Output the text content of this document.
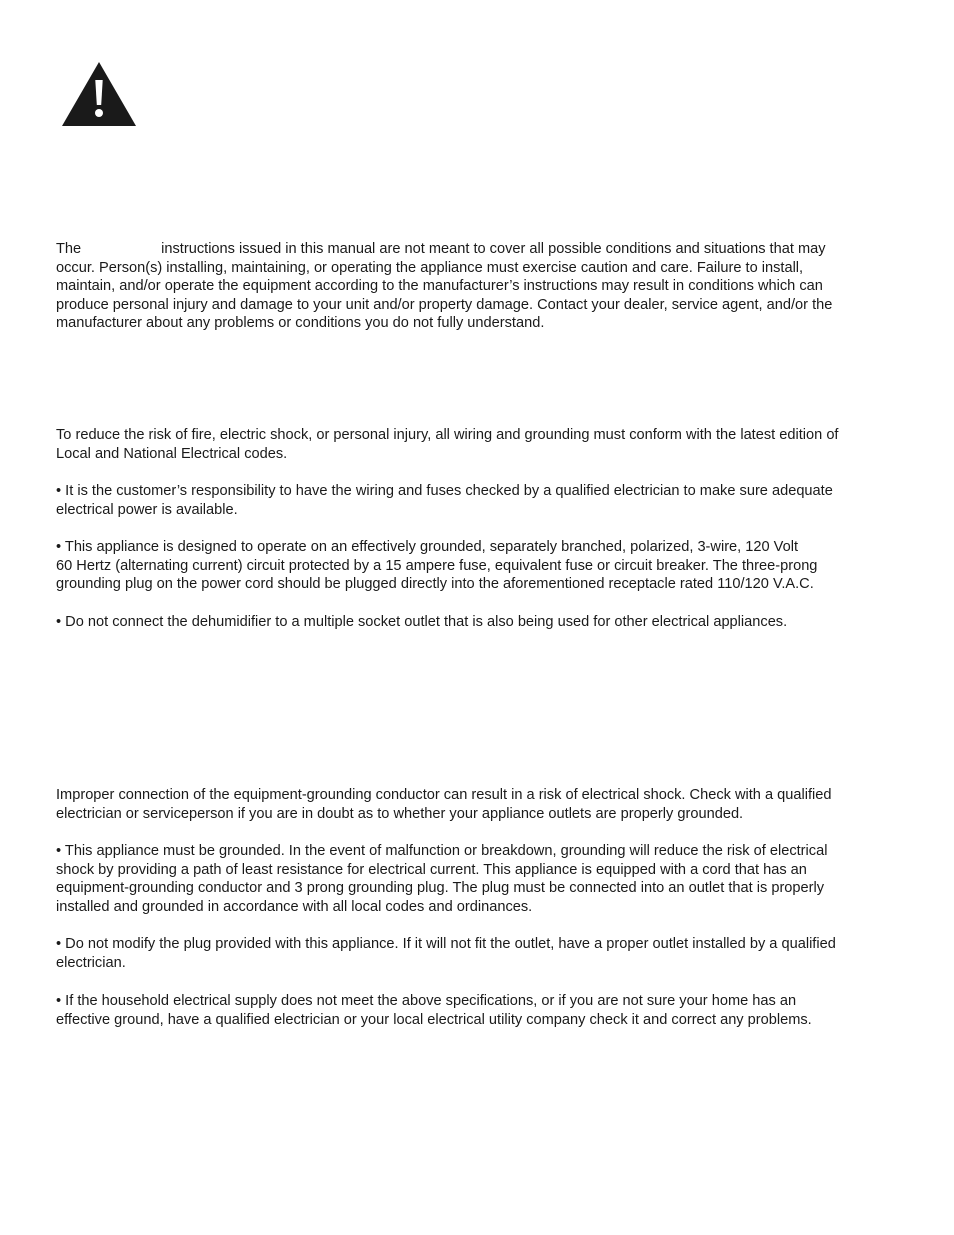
The	instructions issued in this manual are not meant to cover all possible conditions and situations that may
occur. Person(s) installing, maintaining, or operating the appliance must exercise caution and care. Failure to install,
maintain, and/or operate the equipment according to the manufacturer’s instructions may result in conditions which can
produce personal injury and damage to your unit and/or property damage. Contact your dealer, service agent, and/or the
manufacturer about any problems or conditions you do not fully understand.

To reduce the risk of fire, electric shock, or personal injury, all wiring and grounding must conform with the latest edition of
Local and National Electrical codes.

• It is the customer’s responsibility to have the wiring and fuses checked by a qualified electrician to make sure adequate
electrical power is available.

• This appliance is designed to operate on an effectively grounded, separately branched, polarized, 3-wire, 120 Volt
60 Hertz (alternating current) circuit protected by a 15 ampere fuse, equivalent fuse or circuit breaker. The three-prong
grounding plug on the power cord should be plugged directly into the aforementioned receptacle rated 110/120 V.A.C.

• Do not connect the dehumidifier to a multiple socket outlet that is also being used for other electrical appliances.

Improper connection of the equipment-grounding conductor can result in a risk of electrical shock. Check with a qualified
electrician or serviceperson if you are in doubt as to whether your appliance outlets are properly grounded.

• This appliance must be grounded. In the event of malfunction or breakdown, grounding will reduce the risk of electrical
shock by providing a path of least resistance for electrical current. This appliance is equipped with a cord that has an
equipment-grounding conductor and 3 prong grounding plug. The plug must be connected into an outlet that is properly
installed and grounded in accordance with all local codes and ordinances.

• Do not modify the plug provided with this appliance. If it will not fit the outlet, have a proper outlet installed by a qualified
electrician.

• If the household electrical supply does not meet the above specifications, or if you are not sure your home has an
effective ground, have a qualified electrician or your local electrical utility company check it and correct any problems.
